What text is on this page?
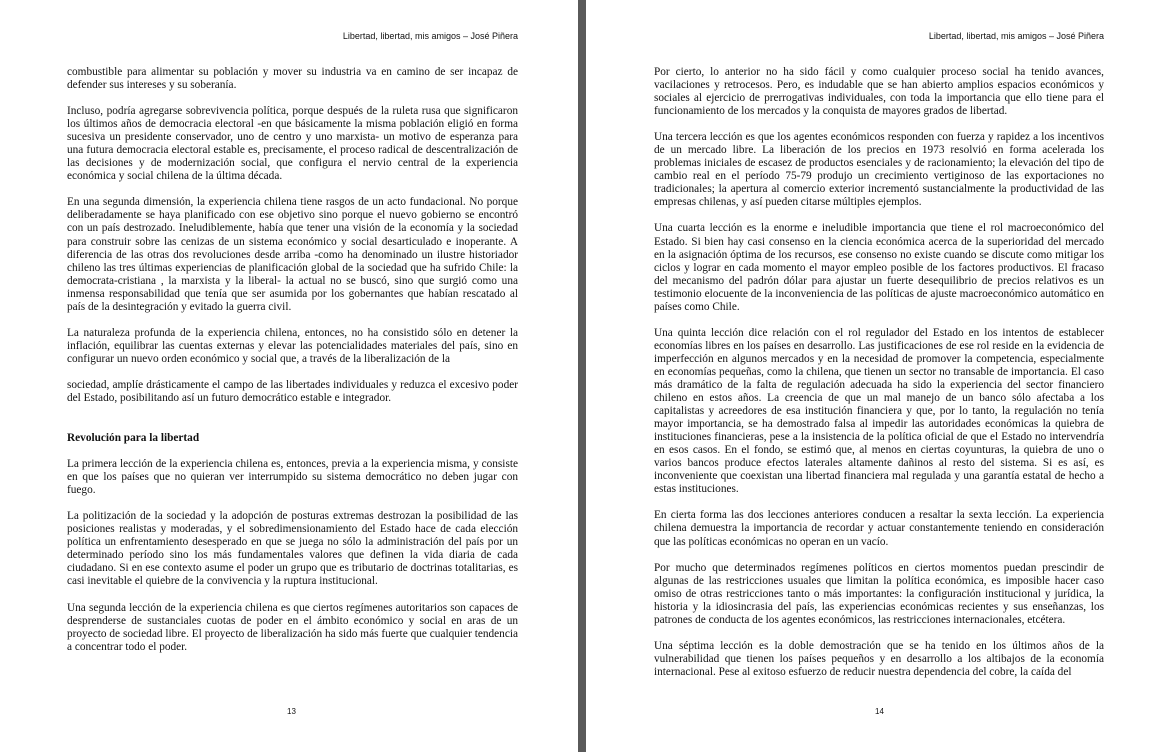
Libertad, libertad, mis amigos – José Piñera

combustible para alimentar su población y mover su industria va en camino de ser incapaz de defender sus intereses y su soberanía.

Incluso, podría agregarse sobrevivencia política, porque después de la ruleta rusa que significaron los últimos años de democracia electoral -en que básicamente la misma población eligió en forma sucesiva un presidente conservador, uno de centro y uno marxista- un motivo de esperanza para una futura democracia electoral estable es, precisamente, el proceso radical de descentralización de las decisiones y de modernización social, que configura el nervio central de la experiencia económica y social chilena de la última década.

En una segunda dimensión, la experiencia chilena tiene rasgos de un acto fundacional. No porque deliberadamente se haya planificado con ese objetivo sino porque el nuevo gobierno se encontró con un país destrozado. Ineludiblemente, había que tener una visión de la economía y la sociedad para construir sobre las cenizas de un sistema económico y social desarticulado e inoperante. A diferencia de las otras dos revoluciones desde arriba -como ha denominado un ilustre historiador chileno las tres últimas experiencias de planificación global de la sociedad que ha sufrido Chile: la democrata-cristiana , la marxista y la liberal- la actual no se buscó, sino que surgió como una inmensa responsabilidad que tenía que ser asumida por los gobernantes que habían rescatado al país de la desintegración y evitado la guerra civil.

La naturaleza profunda de la experiencia chilena, entonces, no ha consistido sólo en detener la inflación, equilibrar las cuentas externas y elevar las potencialidades materiales del país, sino en configurar un nuevo orden económico y social que, a través de la liberalización de la

sociedad, amplíe drásticamente el campo de las libertades individuales y reduzca el excesivo poder del Estado, posibilitando así un futuro democrático estable e integrador.

Revolución para la libertad

La primera lección de la experiencia chilena es, entonces, previa a la experiencia misma, y consiste en que los países que no quieran ver interrumpido su sistema democrático no deben jugar con fuego.

La politización de la sociedad y la adopción de posturas extremas destrozan la posibilidad de las posiciones realistas y moderadas, y el sobredimensionamiento del Estado hace de cada elección política un enfrentamiento desesperado en que se juega no sólo la administración del país por un determinado período sino los más fundamentales valores que definen la vida diaria de cada ciudadano. Si en ese contexto asume el poder un grupo que es tributario de doctrinas totalitarias, es casi inevitable el quiebre de la convivencia y la ruptura institucional.

Una segunda lección de la experiencia chilena es que ciertos regímenes autoritarios son capaces de desprenderse de sustanciales cuotas de poder en el ámbito económico y social en aras de un proyecto de sociedad libre. El proyecto de liberalización ha sido más fuerte que cualquier tendencia a concentrar todo el poder.

13
Libertad, libertad, mis amigos – José Piñera

Por cierto, lo anterior no ha sido fácil y como cualquier proceso social ha tenido avances, vacilaciones y retrocesos. Pero, es indudable que se han abierto amplios espacios económicos y sociales al ejercicio de prerrogativas individuales, con toda la importancia que ello tiene para el funcionamiento de los mercados y la conquista de mayores grados de libertad.

Una tercera lección es que los agentes económicos responden con fuerza y rapidez a los incentivos de un mercado libre. La liberación de los precios en 1973 resolvió en forma acelerada los problemas iniciales de escasez de productos esenciales y de racionamiento; la elevación del tipo de cambio real en el período 75-79 produjo un crecimiento vertiginoso de las exportaciones no tradicionales; la apertura al comercio exterior incrementó sustancialmente la productividad de las empresas chilenas, y así pueden citarse múltiples ejemplos.

Una cuarta lección es la enorme e ineludible importancia que tiene el rol macroeconómico del Estado. Si bien hay casi consenso en la ciencia económica acerca de la superioridad del mercado en la asignación óptima de los recursos, ese consenso no existe cuando se discute como mitigar los ciclos y lograr en cada momento el mayor empleo posible de los factores productivos. El fracaso del mecanismo del padrón dólar para ajustar un fuerte desequilibrio de precios relativos es un testimonio elocuente de la inconveniencia de las políticas de ajuste macroeconómico automático en países como Chile.

Una quinta lección dice relación con el rol regulador del Estado en los intentos de establecer economías libres en los países en desarrollo. Las justificaciones de ese rol reside en la evidencia de imperfección en algunos mercados y en la necesidad de promover la competencia, especialmente en economías pequeñas, como la chilena, que tienen un sector no transable de importancia. El caso más dramático de la falta de regulación adecuada ha sido la experiencia del sector financiero chileno en estos años. La creencia de que un mal manejo de un banco sólo afectaba a los capitalistas y acreedores de esa institución financiera y que, por lo tanto, la regulación no tenía mayor importancia, se ha demostrado falsa al impedir las autoridades económicas la quiebra de instituciones financieras, pese a la insistencia de la política oficial de que el Estado no intervendría en esos casos. En el fondo, se estimó que, al menos en ciertas coyunturas, la quiebra de uno o varios bancos produce efectos laterales altamente dañinos al resto del sistema. Si es así, es inconveniente que coexistan una libertad financiera mal regulada y una garantía estatal de hecho a estas instituciones.

En cierta forma las dos lecciones anteriores conducen a resaltar la sexta lección. La experiencia chilena demuestra la importancia de recordar y actuar constantemente teniendo en consideración que las políticas económicas no operan en un vacío.

Por mucho que determinados regímenes políticos en ciertos momentos puedan prescindir de algunas de las restricciones usuales que limitan la política económica, es imposible hacer caso omiso de otras restricciones tanto o más importantes: la configuración institucional y jurídica, la historia y la idiosincrasia del país, las experiencias económicas recientes y sus enseñanzas, los patrones de conducta de los agentes económicos, las restricciones internacionales, etcétera.

Una séptima lección es la doble demostración que se ha tenido en los últimos años de la vulnerabilidad que tienen los países pequeños y en desarrollo a los altibajos de la economía internacional. Pese al exitoso esfuerzo de reducir nuestra dependencia del cobre, la caída del

14
